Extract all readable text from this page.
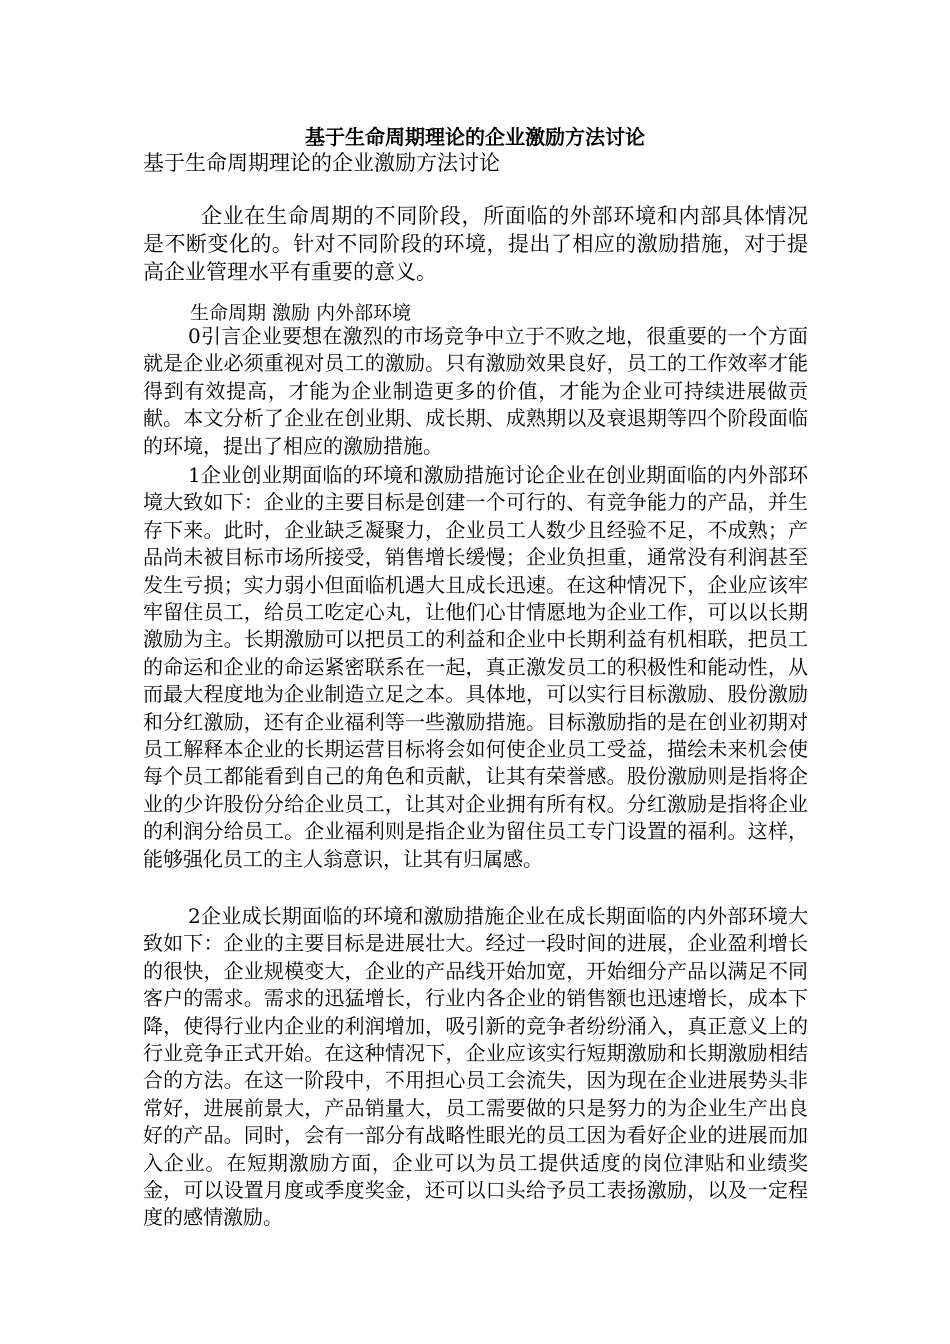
基于生命周期理论的企业激励方法讨论

基于生命周期理论的企业激励方法讨论

企业在生命周期的不同阶段，所面临的外部环境和内部具体情况是不断变化的。针对不同阶段的环境，提出了相应的激励措施，对于提高企业管理水平有重要的意义。

生命周期 激励 内外部环境

0引言企业要想在激烈的市场竞争中立于不败之地，很重要的一个方面就是企业必须重视对员工的激励。只有激励效果良好，员工的工作效率才能得到有效提高，才能为企业制造更多的价值，才能为企业可持续进展做贡献。本文分析了企业在创业期、成长期、成熟期以及衰退期等四个阶段面临的环境，提出了相应的激励措施。

1企业创业期面临的环境和激励措施讨论企业在创业期面临的内外部环境大致如下：企业的主要目标是创建一个可行的、有竞争能力的产品，并生存下来。此时，企业缺乏凝聚力，企业员工人数少且经验不足，不成熟；产品尚未被目标市场所接受，销售增长缓慢；企业负担重，通常没有利润甚至发生亏损；实力弱小但面临机遇大且成长迅速。在这种情况下，企业应该牢牢留住员工，给员工吃定心丸，让他们心甘情愿地为企业工作，可以以长期激励为主。长期激励可以把员工的利益和企业中长期利益有机相联，把员工的命运和企业的命运紧密联系在一起，真正激发员工的积极性和能动性，从而最大程度地为企业制造立足之本。具体地，可以实行目标激励、股份激励和分红激励，还有企业福利等一些激励措施。目标激励指的是在创业初期对员工解释本企业的长期运营目标将会如何使企业员工受益，描绘未来机会使每个员工都能看到自己的角色和贡献，让其有荣誉感。股份激励则是指将企业的少许股份分给企业员工，让其对企业拥有所有权。分红激励是指将企业的利润分给员工。企业福利则是指企业为留住员工专门设置的福利。这样，能够强化员工的主人翁意识，让其有归属感。

2企业成长期面临的环境和激励措施企业在成长期面临的内外部环境大致如下：企业的主要目标是进展壮大。经过一段时间的进展，企业盈利增长的很快，企业规模变大，企业的产品线开始加宽，开始细分产品以满足不同客户的需求。需求的迅猛增长，行业内各企业的销售额也迅速增长，成本下降，使得行业内企业的利润增加，吸引新的竞争者纷纷涌入，真正意义上的行业竞争正式开始。在这种情况下，企业应该实行短期激励和长期激励相结合的方法。在这一阶段中，不用担心员工会流失，因为现在企业进展势头非常好，进展前景大，产品销量大，员工需要做的只是努力的为企业生产出良好的产品。同时，会有一部分有战略性眼光的员工因为看好企业的进展而加入企业。在短期激励方面，企业可以为员工提供适度的岗位津贴和业绩奖金，可以设置月度或季度奖金，还可以口头给予员工表扬激励，以及一定程度的感情激励。
